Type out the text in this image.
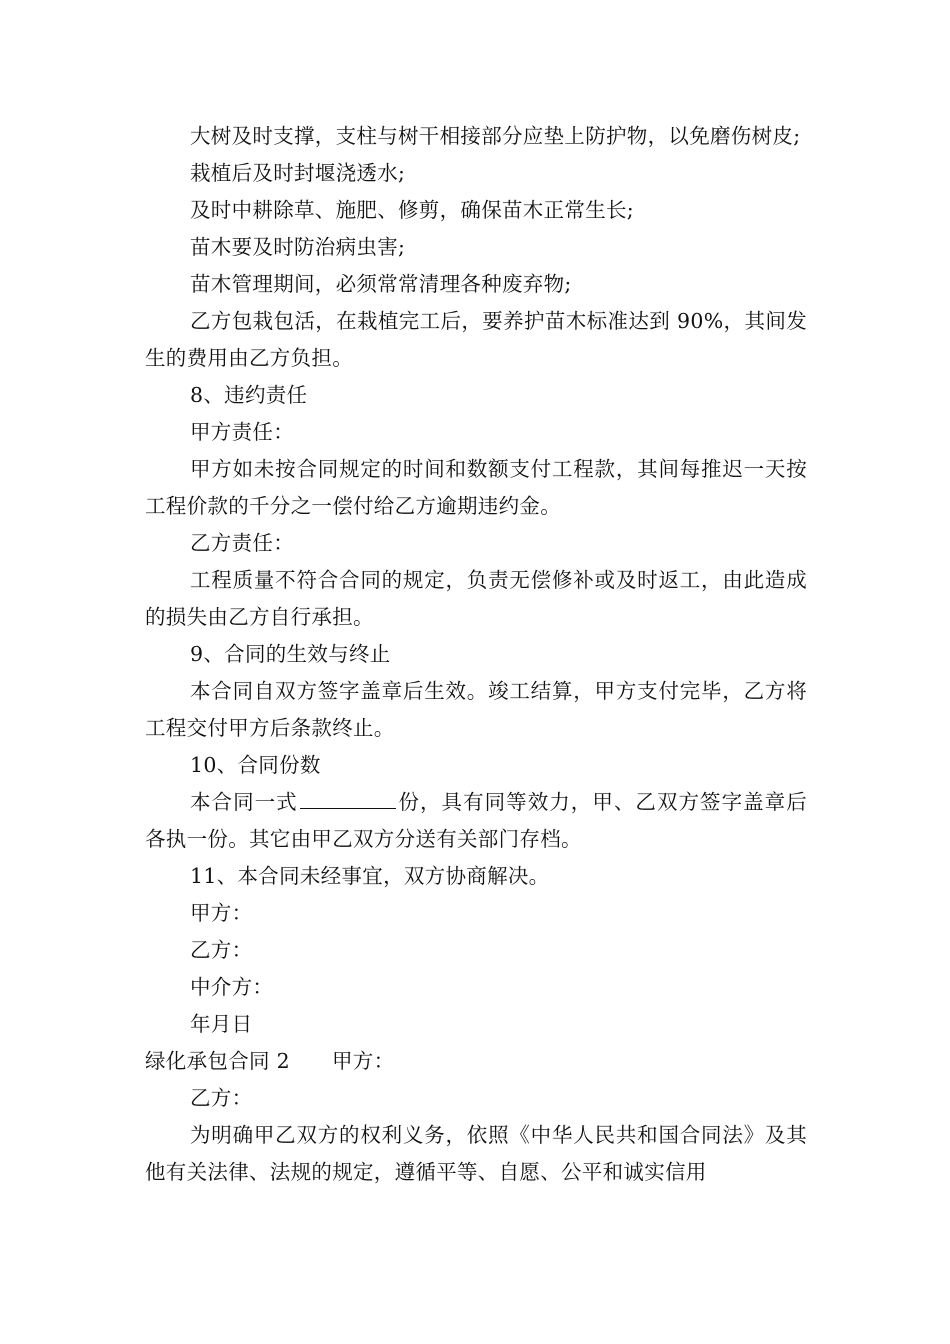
大树及时支撑，支柱与树干相接部分应垫上防护物，以免磨伤树皮;

栽植后及时封堰浇透水;

及时中耕除草、施肥、修剪，确保苗木正常生长;

苗木要及时防治病虫害;

苗木管理期间，必须常常清理各种废弃物;

乙方包栽包活，在栽植完工后，要养护苗木标准达到 90%，其间发生的费用由乙方负担。

8、违约责任

甲方责任：

甲方如未按合同规定的时间和数额支付工程款，其间每推迟一天按工程价款的千分之一偿付给乙方逾期违约金。

乙方责任：

工程质量不符合合同的规定，负责无偿修补或及时返工，由此造成的损失由乙方自行承担。

9、合同的生效与终止

本合同自双方签字盖章后生效。竣工结算，甲方支付完毕，乙方将工程交付甲方后条款终止。

10、合同份数

本合同一式	份，具有同等效力，甲、乙双方签字盖章后各执一份。其它由甲乙双方分送有关部门存档。

11、本合同未经事宜，双方协商解决。

甲方：

乙方：

中介方：

年月日

绿化承包合同 2 甲方：

乙方：

为明确甲乙双方的权利义务，依照《中华人民共和国合同法》及其他有关法律、法规的规定，遵循平等、自愿、公平和诚实信用
